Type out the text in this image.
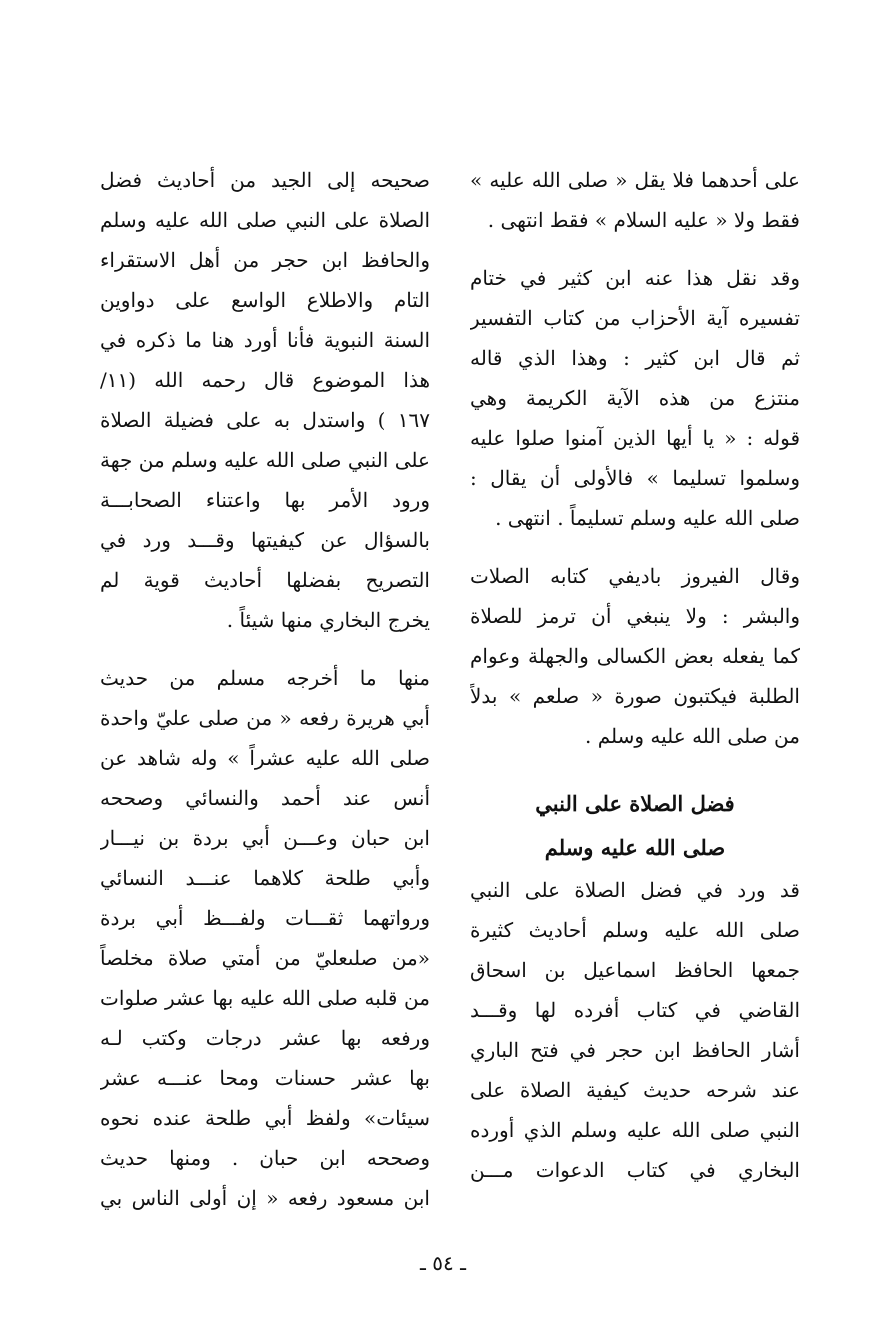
على أحدهما فلا يقل « صلى الله عليه »
فقط ولا « عليه السلام » فقط انتهى .
وقد نقل هذا عنه ابن كثير في ختام
تفسيره آية الأحزاب من كتاب التفسير
ثم قال ابن كثير : وهذا الذي قاله
منتزع من هذه الآية الكريمة وهي
قوله : « يا أيها الذين آمنوا صلوا عليه
وسلموا تسليما » فالأولى أن يقال :
صلى الله عليه وسلم تسليماً . انتهى .
وقال الفيروز باديفي كتابه الصلات
والبشر : ولا ينبغي أن ترمز للصلاة
كما يفعله بعض الكسالى والجهلة وعوام
الطلبة فيكتبون صورة « صلعم » بدلاً
من صلى الله عليه وسلم .
فضل الصلاة على النبي
صلى الله عليه وسلم
قد ورد في فضل الصلاة على النبي
صلى الله عليه وسلم أحاديث كثيرة
جمعها الحافظ اسماعيل بن اسحاق
القاضي في كتاب أفرده لها وقـــد
أشار الحافظ ابن حجر في فتح الباري
عند شرحه حديث كيفية الصلاة على
النبي صلى الله عليه وسلم الذي أورده
البخاري في كتاب الدعوات مـــن
صحيحه إلى الجيد من أحاديث فضل
الصلاة على النبي صلى الله عليه وسلم
والحافظ ابن حجر من أهل الاستقراء
التام والاطلاع الواسع على دواوين
السنة النبوية فأنا أورد هنا ما ذكره في
هذا الموضوع قال رحمه الله (١١/
١٦٧ ) واستدل به على فضيلة الصلاة
على النبي صلى الله عليه وسلم من جهة
ورود الأمر بها واعتناء الصحابـــة
بالسؤال عن كيفيتها وقـــد ورد في
التصريح بفضلها أحاديث قوية لم
يخرج البخاري منها شيئاً .
منها ما أخرجه مسلم من حديث
أبي هريرة رفعه « من صلى عليّ واحدة
صلى الله عليه عشراً » وله شاهد عن
أنس عند أحمد والنسائي وصححه
ابن حبان وعـــن أبي بردة بن نيـــار
وأبي طلحة كلاهما عنـــد النسائي
ورواتهما ثقـــات ولفـــظ أبي بردة
«من صلىعليّ من أمتي صلاة مخلصاً
من قلبه صلى الله عليه بها عشر صلوات
ورفعه بها عشر درجات وكتب لـه
بها عشر حسنات ومحا عنـــه عشر
سيئات» ولفظ أبي طلحة عنده نحوه
وصححه ابن حبان . ومنها حديث
ابن مسعود رفعه « إن أولى الناس بي
ـ ٥٤ ـ
